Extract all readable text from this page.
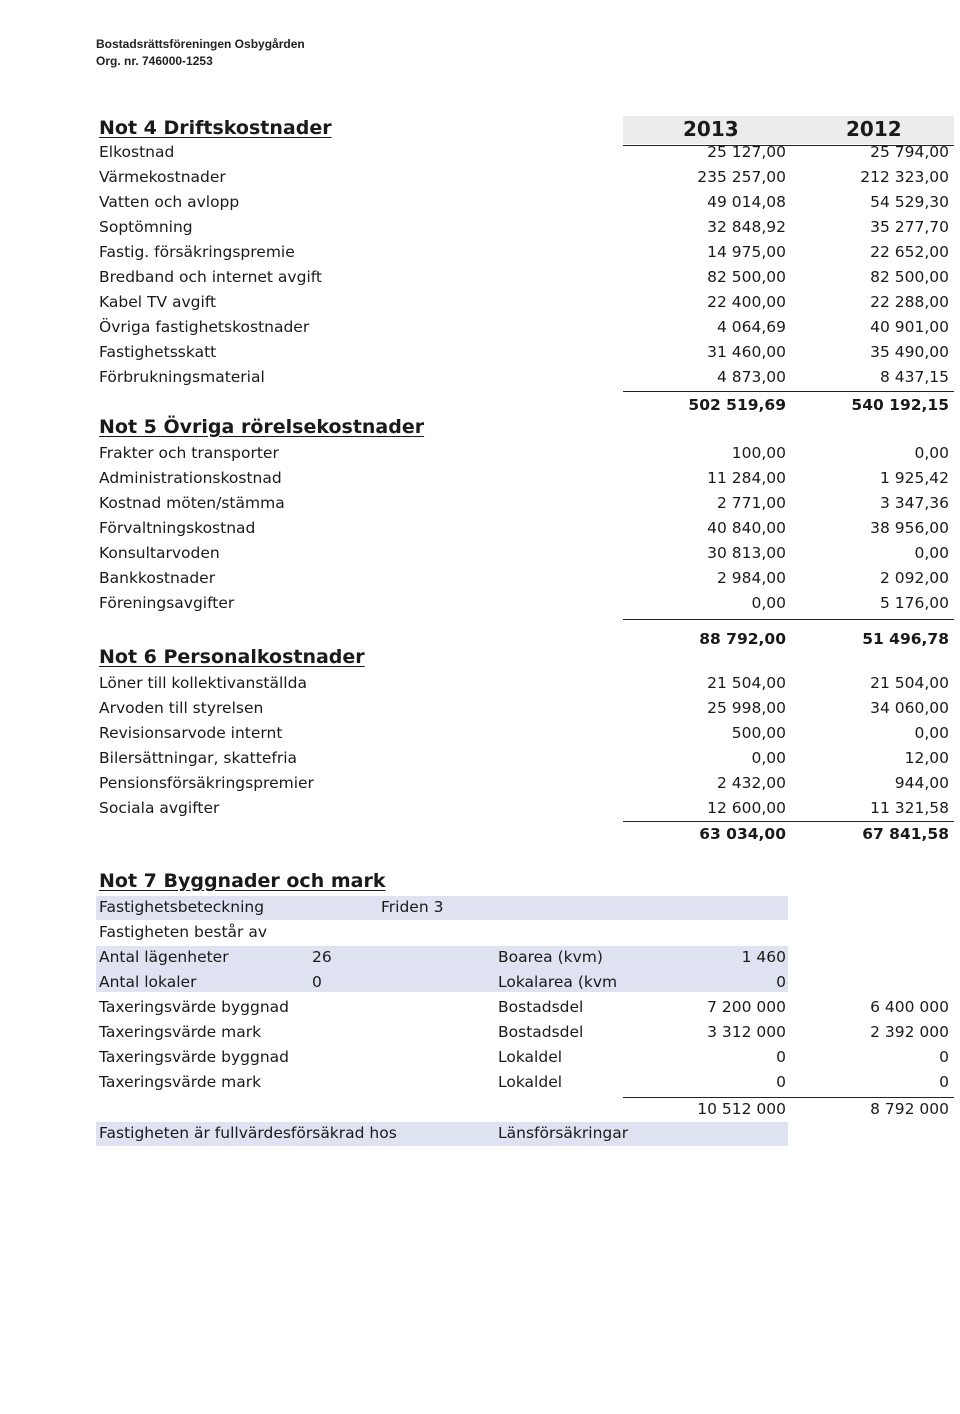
Bostadsrättsföreningen Osbygården
Org. nr. 746000-1253
2013	2012
Not 4 Driftskostnader
Elkostnad	25 127,00	25 794,00
Värmekostnader	235 257,00	212 323,00
Vatten och avlopp	49 014,08	54 529,30
Soptömning	32 848,92	35 277,70
Fastig. försäkringspremie	14 975,00	22 652,00
Bredband och internet avgift	82 500,00	82 500,00
Kabel TV avgift	22 400,00	22 288,00
Övriga fastighetskostnader	4 064,69	40 901,00
Fastighetsskatt	31 460,00	35 490,00
Förbrukningsmaterial	4 873,00	8 437,15
502 519,69	540 192,15
Not 5 Övriga rörelsekostnader
Frakter och transporter	100,00	0,00
Administrationskostnad	11 284,00	1 925,42
Kostnad möten/stämma	2 771,00	3 347,36
Förvaltningskostnad	40 840,00	38 956,00
Konsultarvoden	30 813,00	0,00
Bankkostnader	2 984,00	2 092,00
Föreningsavgifter	0,00	5 176,00
88 792,00	51 496,78
Not 6 Personalkostnader
Löner till kollektivanställda	21 504,00	21 504,00
Arvoden till styrelsen	25 998,00	34 060,00
Revisionsarvode internt	500,00	0,00
Bilersättningar, skattefria	0,00	12,00
Pensionsförsäkringspremier	2 432,00	944,00
Sociala avgifter	12 600,00	11 321,58
63 034,00	67 841,58
Not 7 Byggnader och mark
Fastighetsbeteckning	Friden 3
Fastigheten består av
Antal lägenheter	26	Boarea (kvm)	1 460
Antal lokaler	0	Lokalarea (kvm	0
Taxeringsvärde byggnad	Bostadsdel	7 200 000	6 400 000
Taxeringsvärde mark	Bostadsdel	3 312 000	2 392 000
Taxeringsvärde byggnad	Lokaldel	0	0
Taxeringsvärde mark	Lokaldel	0	0
10 512 000	8 792 000
Fastigheten är fullvärdesförsäkrad hos	Länsförsäkringar
